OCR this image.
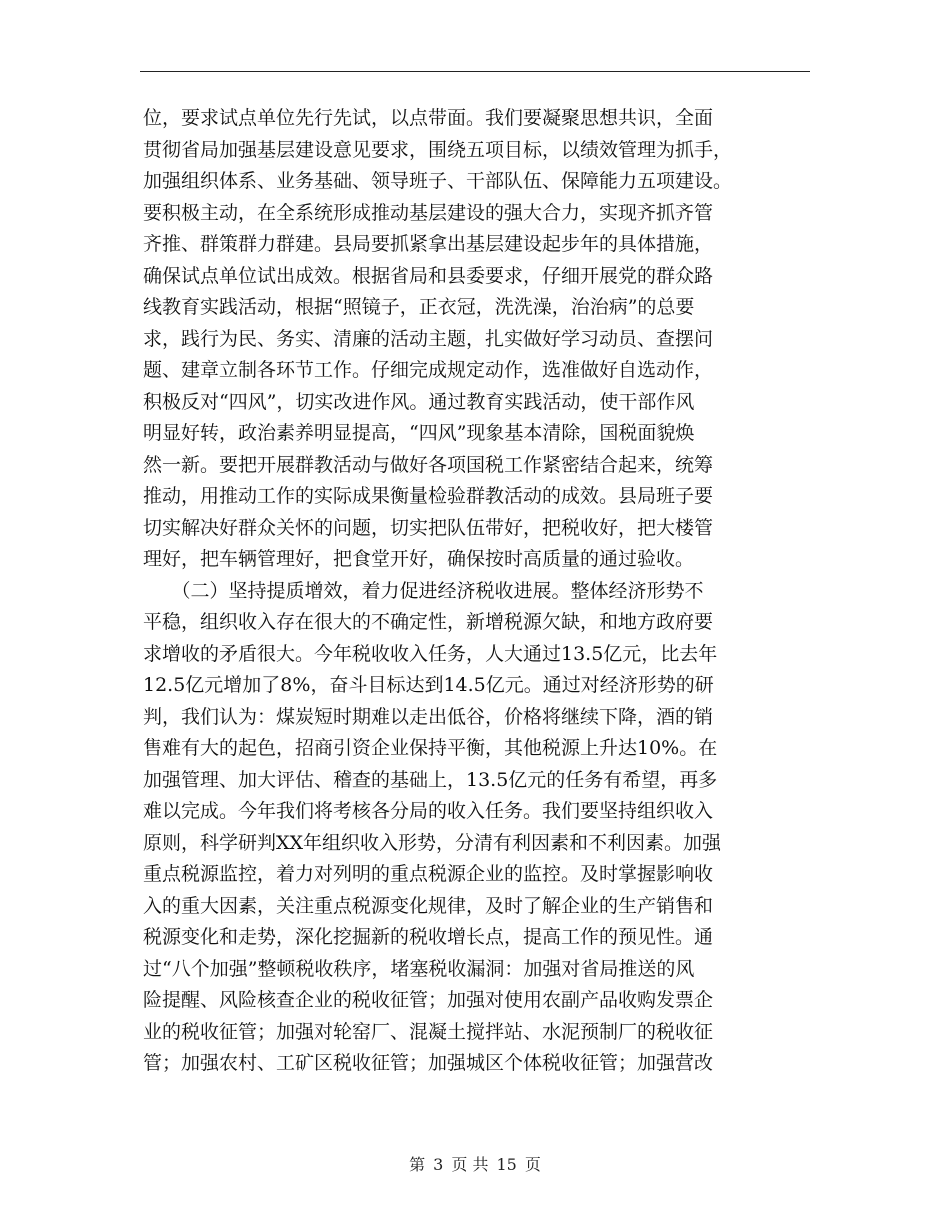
位，要求试点单位先行先试，以点带面。我们要凝聚思想共识，全面
贯彻省局加强基层建设意见要求，围绕五项目标，以绩效管理为抓手，
加强组织体系、业务基础、领导班子、干部队伍、保障能力五项建设。
要积极主动，在全系统形成推动基层建设的强大合力，实现齐抓齐管
齐推、群策群力群建。县局要抓紧拿出基层建设起步年的具体措施，
确保试点单位试出成效。根据省局和县委要求，仔细开展党的群众路
线教育实践活动，根据“照镜子，正衣冠，洗洗澡，治治病”的总要
求，践行为民、务实、清廉的活动主题，扎实做好学习动员、查摆问
题、建章立制各环节工作。仔细完成规定动作，选准做好自选动作，
积极反对“四风”，切实改进作风。通过教育实践活动，使干部作风
明显好转，政治素养明显提高，“四风”现象基本清除，国税面貌焕
然一新。要把开展群教活动与做好各项国税工作紧密结合起来，统筹
推动，用推动工作的实际成果衡量检验群教活动的成效。县局班子要
切实解决好群众关怀的问题，切实把队伍带好，把税收好，把大楼管
理好，把车辆管理好，把食堂开好，确保按时高质量的通过验收。
　　（二）坚持提质增效，着力促进经济税收进展。整体经济形势不
平稳，组织收入存在很大的不确定性，新增税源欠缺，和地方政府要
求增收的矛盾很大。今年税收收入任务，人大通过13.5亿元，比去年
12.5亿元增加了8%，奋斗目标达到14.5亿元。通过对经济形势的研
判，我们认为：煤炭短时期难以走出低谷，价格将继续下降，酒的销
售难有大的起色，招商引资企业保持平衡，其他税源上升达10%。在
加强管理、加大评估、稽查的基础上，13.5亿元的任务有希望，再多
难以完成。今年我们将考核各分局的收入任务。我们要坚持组织收入
原则，科学研判XX年组织收入形势，分清有利因素和不利因素。加强
重点税源监控，着力对列明的重点税源企业的监控。及时掌握影响收
入的重大因素，关注重点税源变化规律，及时了解企业的生产销售和
税源变化和走势，深化挖掘新的税收增长点，提高工作的预见性。通
过“八个加强”整顿税收秩序，堵塞税收漏洞：加强对省局推送的风
险提醒、风险核查企业的税收征管；加强对使用农副产品收购发票企
业的税收征管；加强对轮窑厂、混凝土搅拌站、水泥预制厂的税收征
管；加强农村、工矿区税收征管；加强城区个体税收征管；加强营改
第 3 页 共 15 页
